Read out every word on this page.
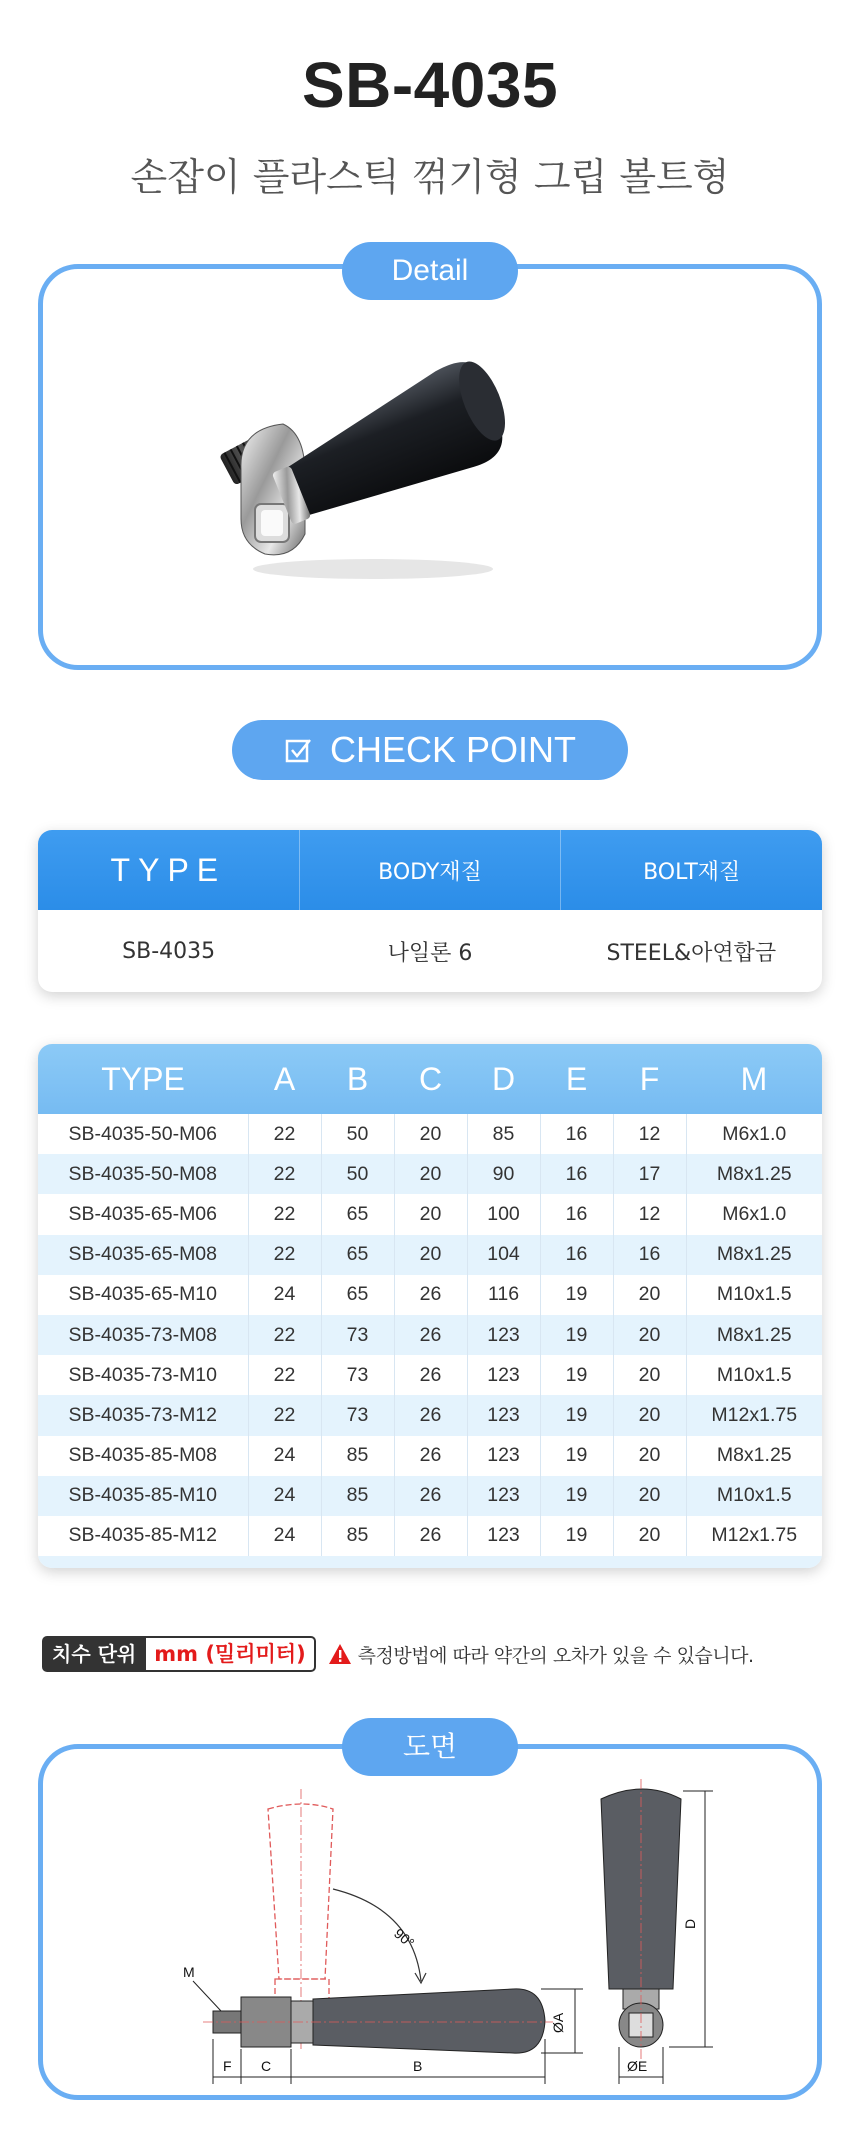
SB-4035
손잡이 플라스틱 꺾기형 그립 볼트형
Detail
CHECK POINT
TYPE	BODY재질	BOLT재질
SB-4035	나일론 6	STEEL&아연합금
TYPE	A	B	C	D	E	F	M
SB-4035-50-M06	22	50	20	85	16	12	M6x1.0
SB-4035-50-M08	22	50	20	90	16	17	M8x1.25
SB-4035-65-M06	22	65	20	100	16	12	M6x1.0
SB-4035-65-M08	22	65	20	104	16	16	M8x1.25
SB-4035-65-M10	24	65	26	116	19	20	M10x1.5
SB-4035-73-M08	22	73	26	123	19	20	M8x1.25
SB-4035-73-M10	22	73	26	123	19	20	M10x1.5
SB-4035-73-M12	22	73	26	123	19	20	M12x1.75
SB-4035-85-M08	24	85	26	123	19	20	M8x1.25
SB-4035-85-M10	24	85	26	123	19	20	M10x1.5
SB-4035-85-M12	24	85	26	123	19	20	M12x1.75
치수 단위 mm (밀리미터)	측정방법에 따라 약간의 오차가 있을 수 있습니다.
90°
M
F C	B
ØA
D
ØE
도면
